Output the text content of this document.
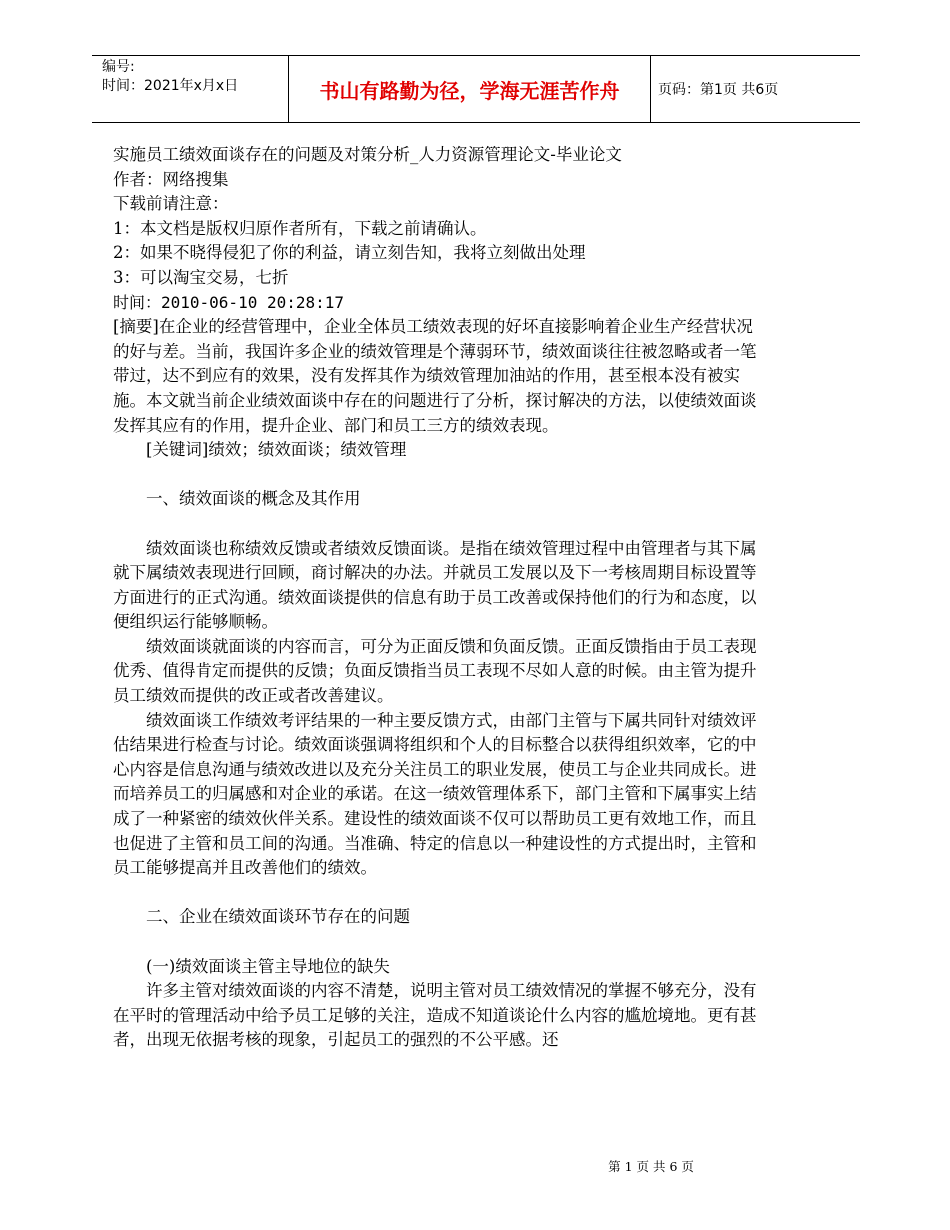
编号:
时间：2021年x月x日	书山有路勤为径，学海无涯苦作舟	页码：第1页 共6页

实施员工绩效面谈存在的问题及对策分析_人力资源管理论文-毕业论文

作者：网络搜集

下载前请注意：

1：本文档是版权归原作者所有，下载之前请确认。

2：如果不晓得侵犯了你的利益，请立刻告知，我将立刻做出处理

3：可以淘宝交易，七折

时间：2010-06-10 20:28:17

[摘要]在企业的经营管理中，企业全体员工绩效表现的好坏直接影响着企业生产经营状况的好与差。当前，我国许多企业的绩效管理是个薄弱环节，绩效面谈往往被忽略或者一笔带过，达不到应有的效果，没有发挥其作为绩效管理加油站的作用，甚至根本没有被实施。本文就当前企业绩效面谈中存在的问题进行了分析，探讨解决的方法，以使绩效面谈发挥其应有的作用，提升企业、部门和员工三方的绩效表现。

[关键词]绩效；绩效面谈；绩效管理

一、绩效面谈的概念及其作用

绩效面谈也称绩效反馈或者绩效反馈面谈。是指在绩效管理过程中由管理者与其下属就下属绩效表现进行回顾，商讨解决的办法。并就员工发展以及下一考核周期目标设置等方面进行的正式沟通。绩效面谈提供的信息有助于员工改善或保持他们的行为和态度，以便组织运行能够顺畅。

绩效面谈就面谈的内容而言，可分为正面反馈和负面反馈。正面反馈指由于员工表现优秀、值得肯定而提供的反馈；负面反馈指当员工表现不尽如人意的时候。由主管为提升员工绩效而提供的改正或者改善建议。

绩效面谈工作绩效考评结果的一种主要反馈方式，由部门主管与下属共同针对绩效评估结果进行检查与讨论。绩效面谈强调将组织和个人的目标整合以获得组织效率，它的中心内容是信息沟通与绩效改进以及充分关注员工的职业发展，使员工与企业共同成长。进而培养员工的归属感和对企业的承诺。在这一绩效管理体系下，部门主管和下属事实上结成了一种紧密的绩效伙伴关系。建设性的绩效面谈不仅可以帮助员工更有效地工作，而且也促进了主管和员工间的沟通。当准确、特定的信息以一种建设性的方式提出时，主管和员工能够提高并且改善他们的绩效。

二、企业在绩效面谈环节存在的问题

(一)绩效面谈主管主导地位的缺失

许多主管对绩效面谈的内容不清楚，说明主管对员工绩效情况的掌握不够充分，没有在平时的管理活动中给予员工足够的关注，造成不知道谈论什么内容的尴尬境地。更有甚者，出现无依据考核的现象，引起员工的强烈的不公平感。还

第 1 页 共 6 页
